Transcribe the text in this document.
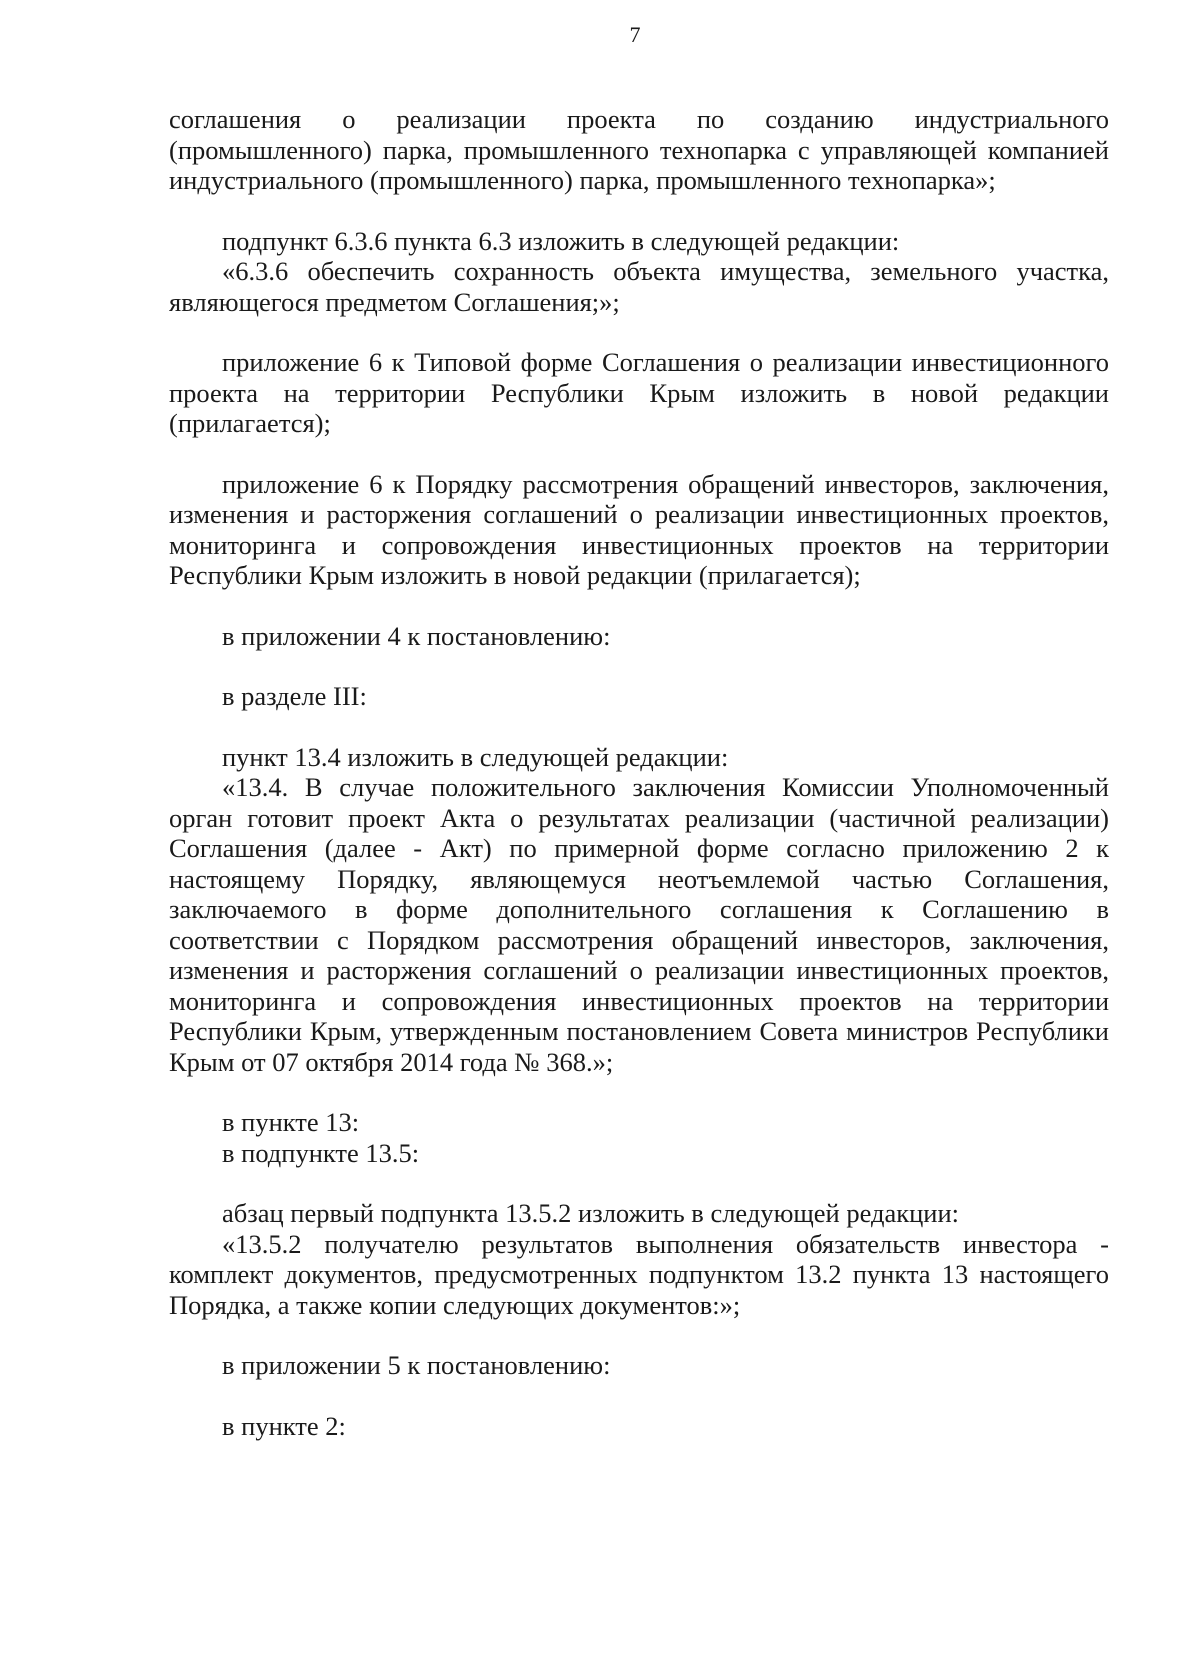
7

соглашения о реализации проекта по созданию индустриального (промышленного) парка, промышленного технопарка с управляющей компанией индустриального (промышленного) парка, промышленного технопарка»;

подпункт 6.3.6 пункта 6.3 изложить в следующей редакции:

«6.3.6 обеспечить сохранность объекта имущества, земельного участка, являющегося предметом Соглашения;»;

приложение 6 к Типовой форме Соглашения о реализации инвестиционного проекта на территории Республики Крым изложить в новой редакции (прилагается);

приложение 6 к Порядку рассмотрения обращений инвесторов, заключения, изменения и расторжения соглашений о реализации инвестиционных проектов, мониторинга и сопровождения инвестиционных проектов на территории Республики Крым изложить в новой редакции (прилагается);

в приложении 4 к постановлению:

в разделе III:

пункт 13.4 изложить в следующей редакции:

«13.4. В случае положительного заключения Комиссии Уполномоченный орган готовит проект Акта о результатах реализации (частичной реализации) Соглашения (далее - Акт) по примерной форме согласно приложению 2 к настоящему Порядку, являющемуся неотъемлемой частью Соглашения, заключаемого в форме дополнительного соглашения к Соглашению в соответствии с Порядком рассмотрения обращений инвесторов, заключения, изменения и расторжения соглашений о реализации инвестиционных проектов, мониторинга и сопровождения инвестиционных проектов на территории Республики Крым, утвержденным постановлением Совета министров Республики Крым от 07 октября 2014 года № 368.»;

в пункте 13:

в подпункте 13.5:

абзац первый подпункта 13.5.2 изложить в следующей редакции:

«13.5.2 получателю результатов выполнения обязательств инвестора - комплект документов, предусмотренных подпунктом 13.2 пункта 13 настоящего Порядка, а также копии следующих документов:»;

в приложении 5 к постановлению:

в пункте 2:
